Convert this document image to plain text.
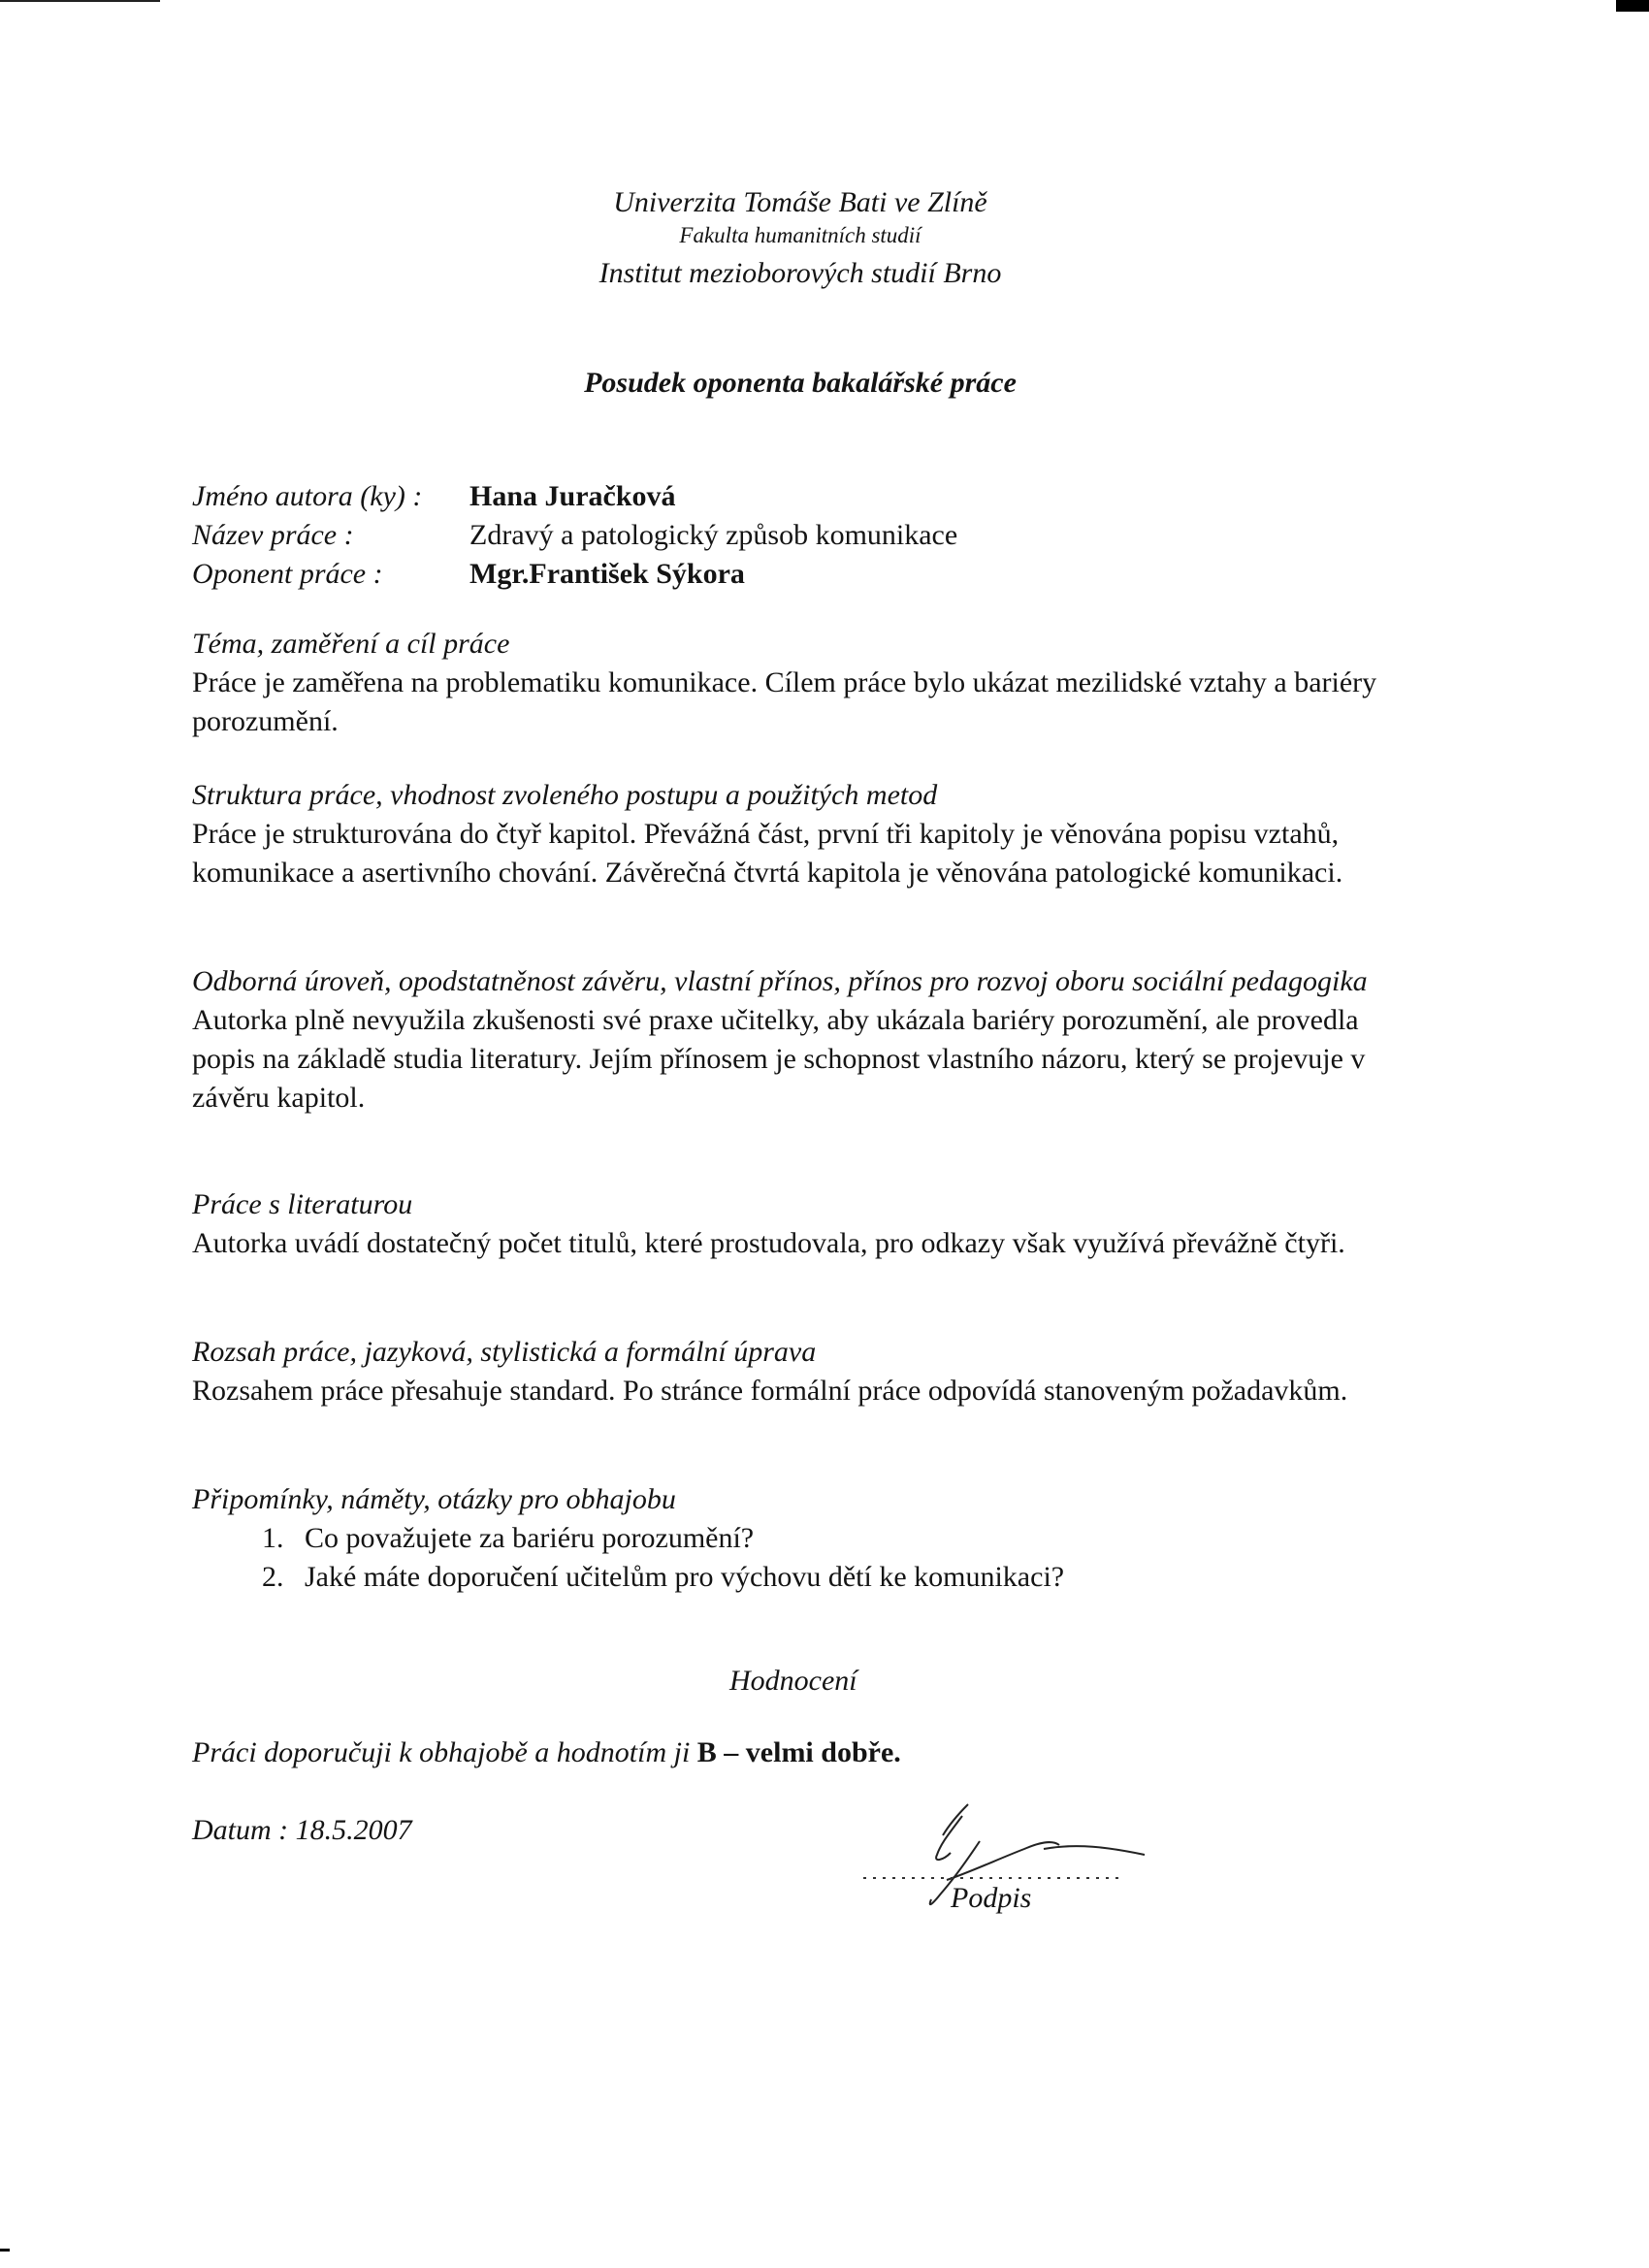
Univerzita Tomáše Bati ve Zlíně
Fakulta humanitních studií
Institut mezioborových studií Brno
Posudek oponenta bakalářské práce
Jméno autora (ky) : Hana Juračková
Název práce :	Zdravý a patologický způsob komunikace
Oponent práce :	Mgr.František Sýkora
Téma, zaměření a cíl práce
Práce je zaměřena na problematiku komunikace. Cílem práce bylo ukázat mezilidské vztahy a bariéry porozumění.
Struktura práce, vhodnost zvoleného postupu a použitých metod
Práce je strukturována do čtyř kapitol. Převážná část, první tři kapitoly je věnována popisu vztahů, komunikace a asertivního chování. Závěrečná čtvrtá kapitola je věnována patologické komunikaci.
Odborná úroveň, opodstatněnost závěru, vlastní přínos, přínos pro rozvoj oboru sociální pedagogika
Autorka plně nevyužila zkušenosti své praxe učitelky, aby ukázala bariéry porozumění, ale provedla popis na základě studia literatury. Jejím přínosem je schopnost vlastního názoru, který se projevuje v závěru kapitol.
Práce s literaturou
Autorka uvádí dostatečný počet titulů, které prostudovala, pro odkazy však využívá převážně čtyři.
Rozsah práce, jazyková, stylistická a formální úprava
Rozsahem práce přesahuje standard. Po stránce formální práce odpovídá stanoveným požadavkům.
Připomínky, náměty, otázky pro obhajobu
1. Co považujete za bariéru porozumění?
2. Jaké máte doporučení učitelům pro výchovu dětí ke komunikaci?
Hodnocení
Práci doporučuji k obhajobě a hodnotím ji B – velmi dobře.
Datum : 18.5.2007
Podpis
